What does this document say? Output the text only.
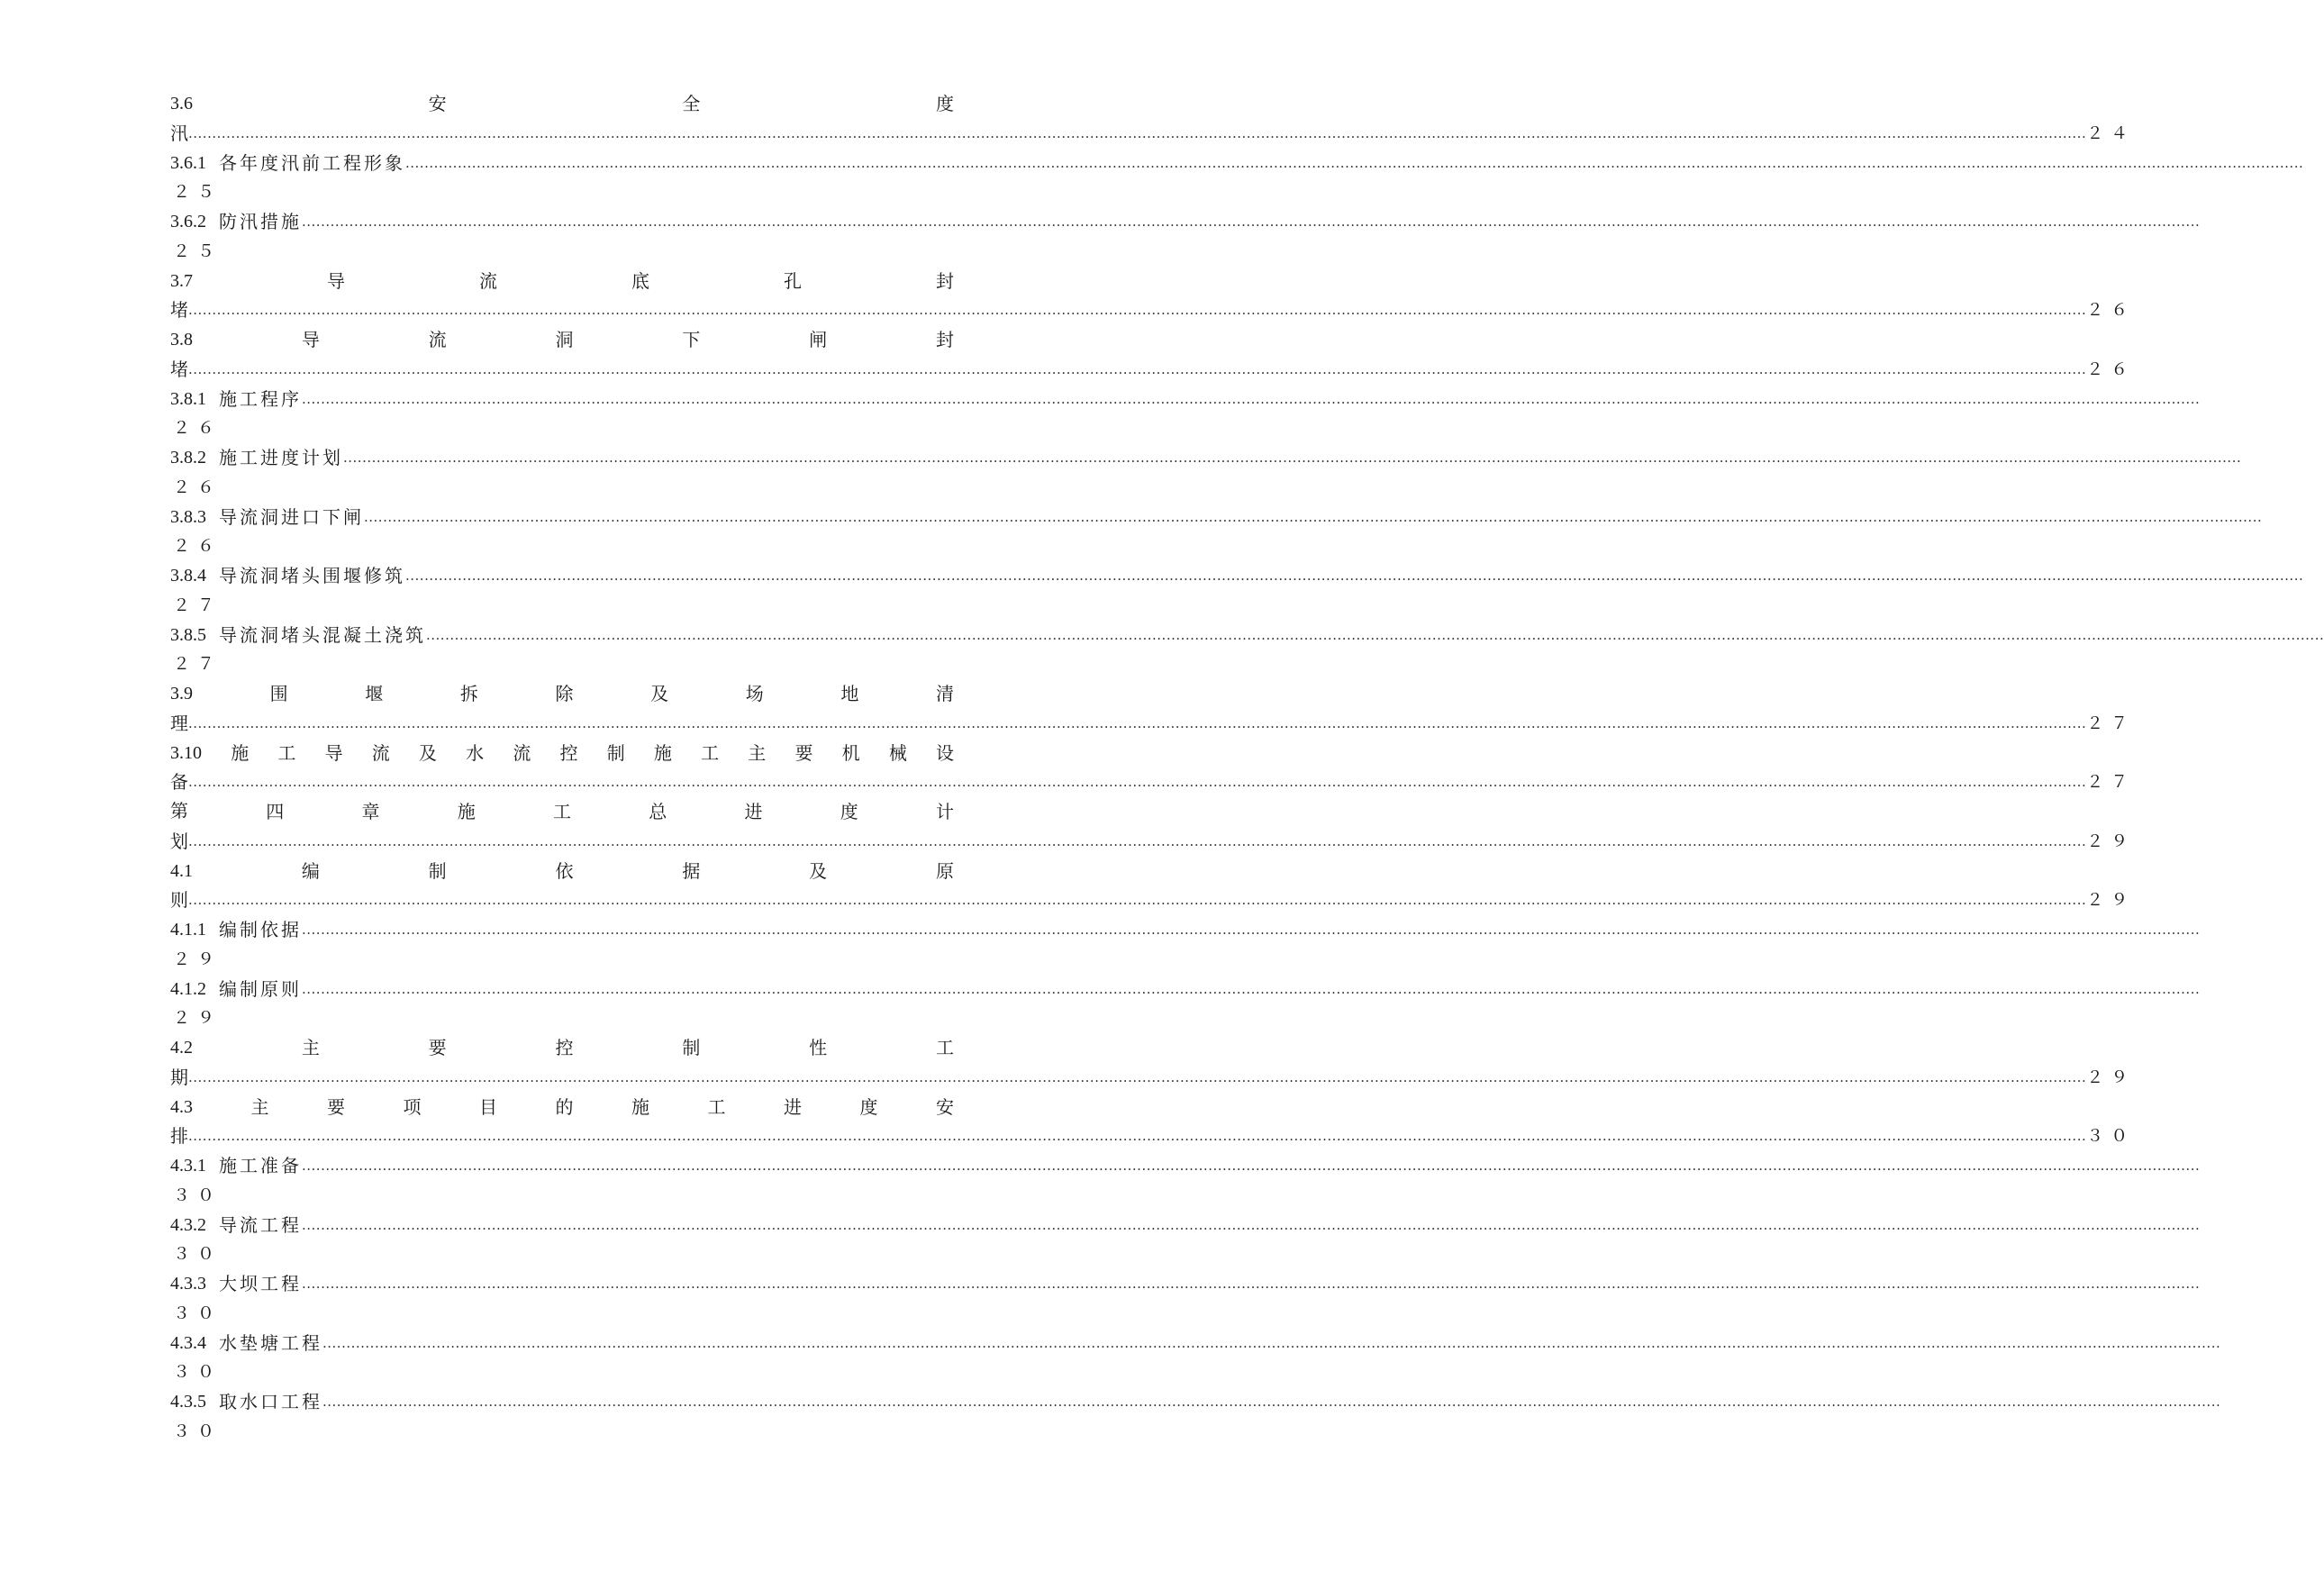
3.6	安	全	度
汛 ................................................................................................................................................................................................................................................................................................................................................................................................................ ２４
3.6.1 各年度汛前工程形象 ................................................................................................................................................................................................................................................................................................................................................................................................................
２５
3.6.2 防汛措施 ................................................................................................................................................................................................................................................................................................................................................................................................................
２５
3.7	导	流	底	孔	封
堵 ................................................................................................................................................................................................................................................................................................................................................................................................................ ２６
3.8	导	流	洞	下	闸	封
堵 ................................................................................................................................................................................................................................................................................................................................................................................................................ ２６
3.8.1 施工程序 ................................................................................................................................................................................................................................................................................................................................................................................................................
２６
3.8.2 施工进度计划 ................................................................................................................................................................................................................................................................................................................................................................................................................
２６
3.8.3 导流洞进口下闸 ................................................................................................................................................................................................................................................................................................................................................................................................................
２６
3.8.4 导流洞堵头围堰修筑 ................................................................................................................................................................................................................................................................................................................................................................................................................
２７
3.8.5 导流洞堵头混凝土浇筑 ................................................................................................................................................................................................................................................................................................................................................................................................................
２７
3.9	围	堰	拆	除	及	场	地	清
理 ................................................................................................................................................................................................................................................................................................................................................................................................................ ２７
3.10 施 工 导 流 及 水 流 控 制 施 工 主 要 机 械 设
备 ................................................................................................................................................................................................................................................................................................................................................................................................................ ２７
第	四	章	施	工	总	进	度	计
划 ................................................................................................................................................................................................................................................................................................................................................................................................................ ２９
4.1	编	制	依	据	及	原
则 ................................................................................................................................................................................................................................................................................................................................................................................................................ ２９
4.1.1 编制依据 ................................................................................................................................................................................................................................................................................................................................................................................................................
２９
4.1.2 编制原则 ................................................................................................................................................................................................................................................................................................................................................................................................................
２９
4.2	主	要	控	制	性	工
期 ................................................................................................................................................................................................................................................................................................................................................................................................................ ２９
4.3	主	要	项	目	的	施	工	进	度	安
排 ................................................................................................................................................................................................................................................................................................................................................................................................................ ３０
4.3.1 施工准备 ................................................................................................................................................................................................................................................................................................................................................................................................................
３０
4.3.2 导流工程 ................................................................................................................................................................................................................................................................................................................................................................................................................
３０
4.3.3 大坝工程 ................................................................................................................................................................................................................................................................................................................................................................................................................
３０
4.3.4 水垫塘工程 ................................................................................................................................................................................................................................................................................................................................................................................................................
３０
4.3.5 取水口工程 ................................................................................................................................................................................................................................................................................................................................................................................................................
３０
